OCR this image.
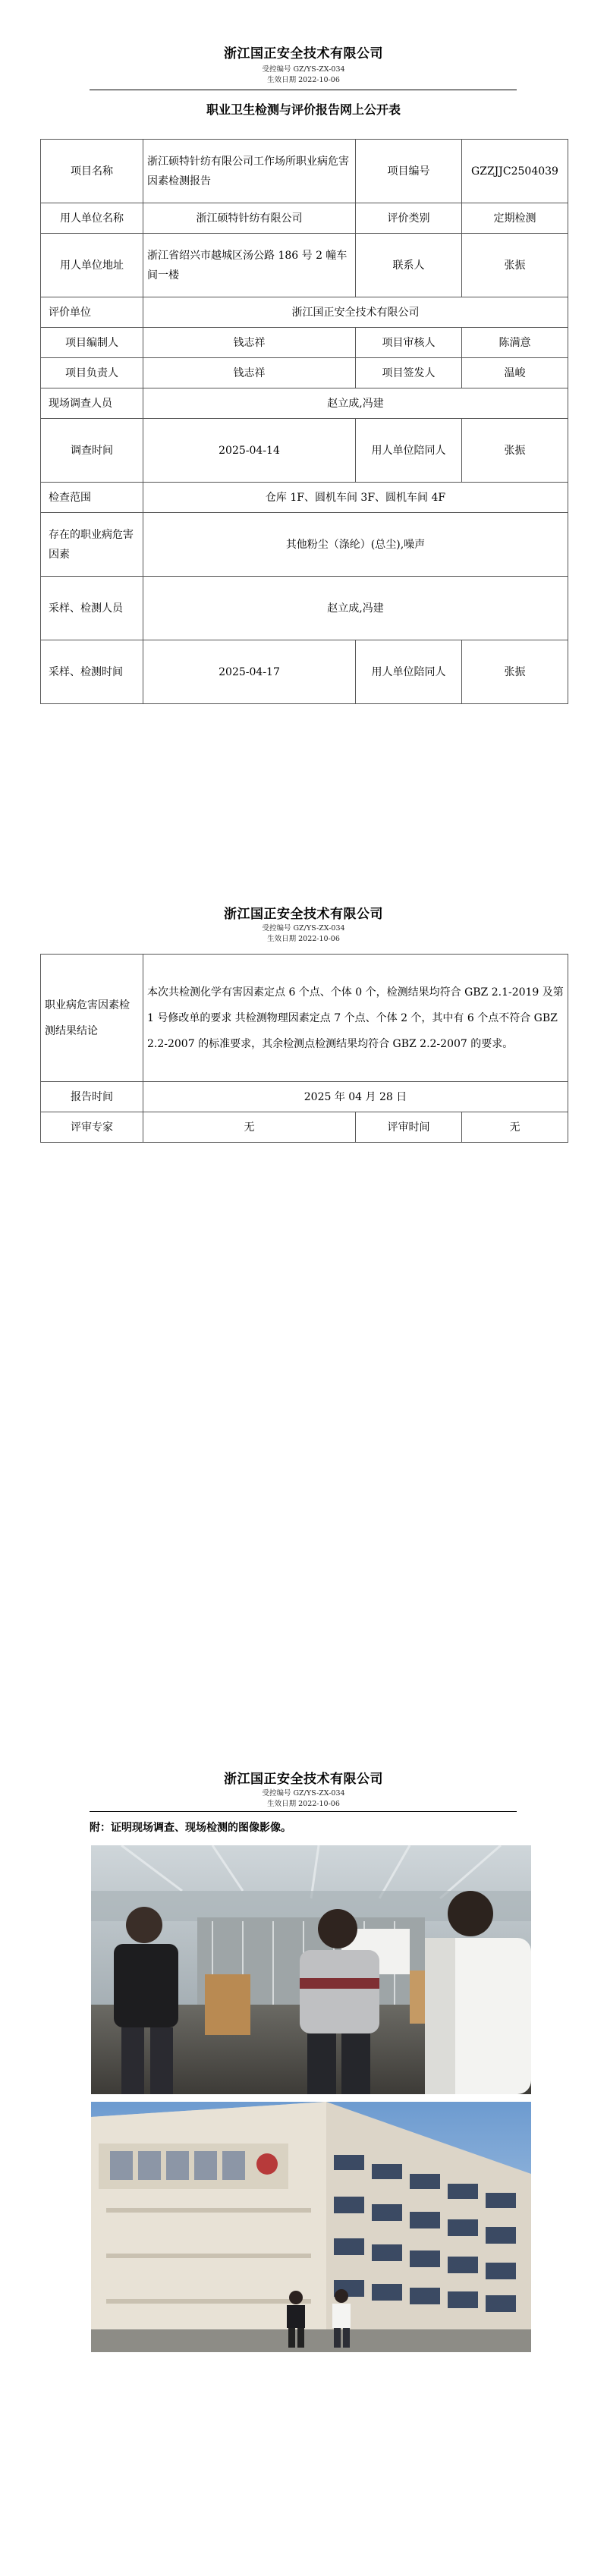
浙江国正安全技术有限公司
受控编号 GZ/YS-ZX-034
生效日期 2022-10-06
职业卫生检测与评价报告网上公开表
项目名称	浙江硕特针纺有限公司工作场所职业病危害因素检测报告	项目编号	GZZJJC2504039
用人单位名称	浙江硕特针纺有限公司	评价类别	定期检测
用人单位地址	浙江省绍兴市越城区汤公路 186 号 2 幢车间一楼	联系人	张振
评价单位	浙江国正安全技术有限公司		
项目编制人	钱志祥	项目审核人	陈满意
项目负责人	钱志祥	项目签发人	温峻
现场调查人员	赵立成,冯建		
调查时间	2025-04-14	用人单位陪同人	张振
检查范围	仓库 1F、圆机车间 3F、圆机车间 4F		
存在的职业病危害因素	其他粉尘（涤纶）(总尘),噪声		
采样、检测人员	赵立成,冯建		
采样、检测时间	2025-04-17	用人单位陪同人	张振
浙江国正安全技术有限公司
受控编号 GZ/YS-ZX-034
生效日期 2022-10-06
职业病危害因素检测结果结论	本次共检测化学有害因素定点 6 个点、个体 0 个，检测结果均符合 GBZ 2.1-2019 及第 1 号修改单的要求 共检测物理因素定点 7 个点、个体 2 个，其中有 6 个点不符合 GBZ 2.2-2007 的标准要求，其余检测点检测结果均符合 GBZ 2.2-2007 的要求。		
报告时间	2025 年 04 月 28 日		
评审专家	无	评审时间	无
浙江国正安全技术有限公司
受控编号 GZ/YS-ZX-034
生效日期 2022-10-06
附：证明现场调查、现场检测的图像影像。
